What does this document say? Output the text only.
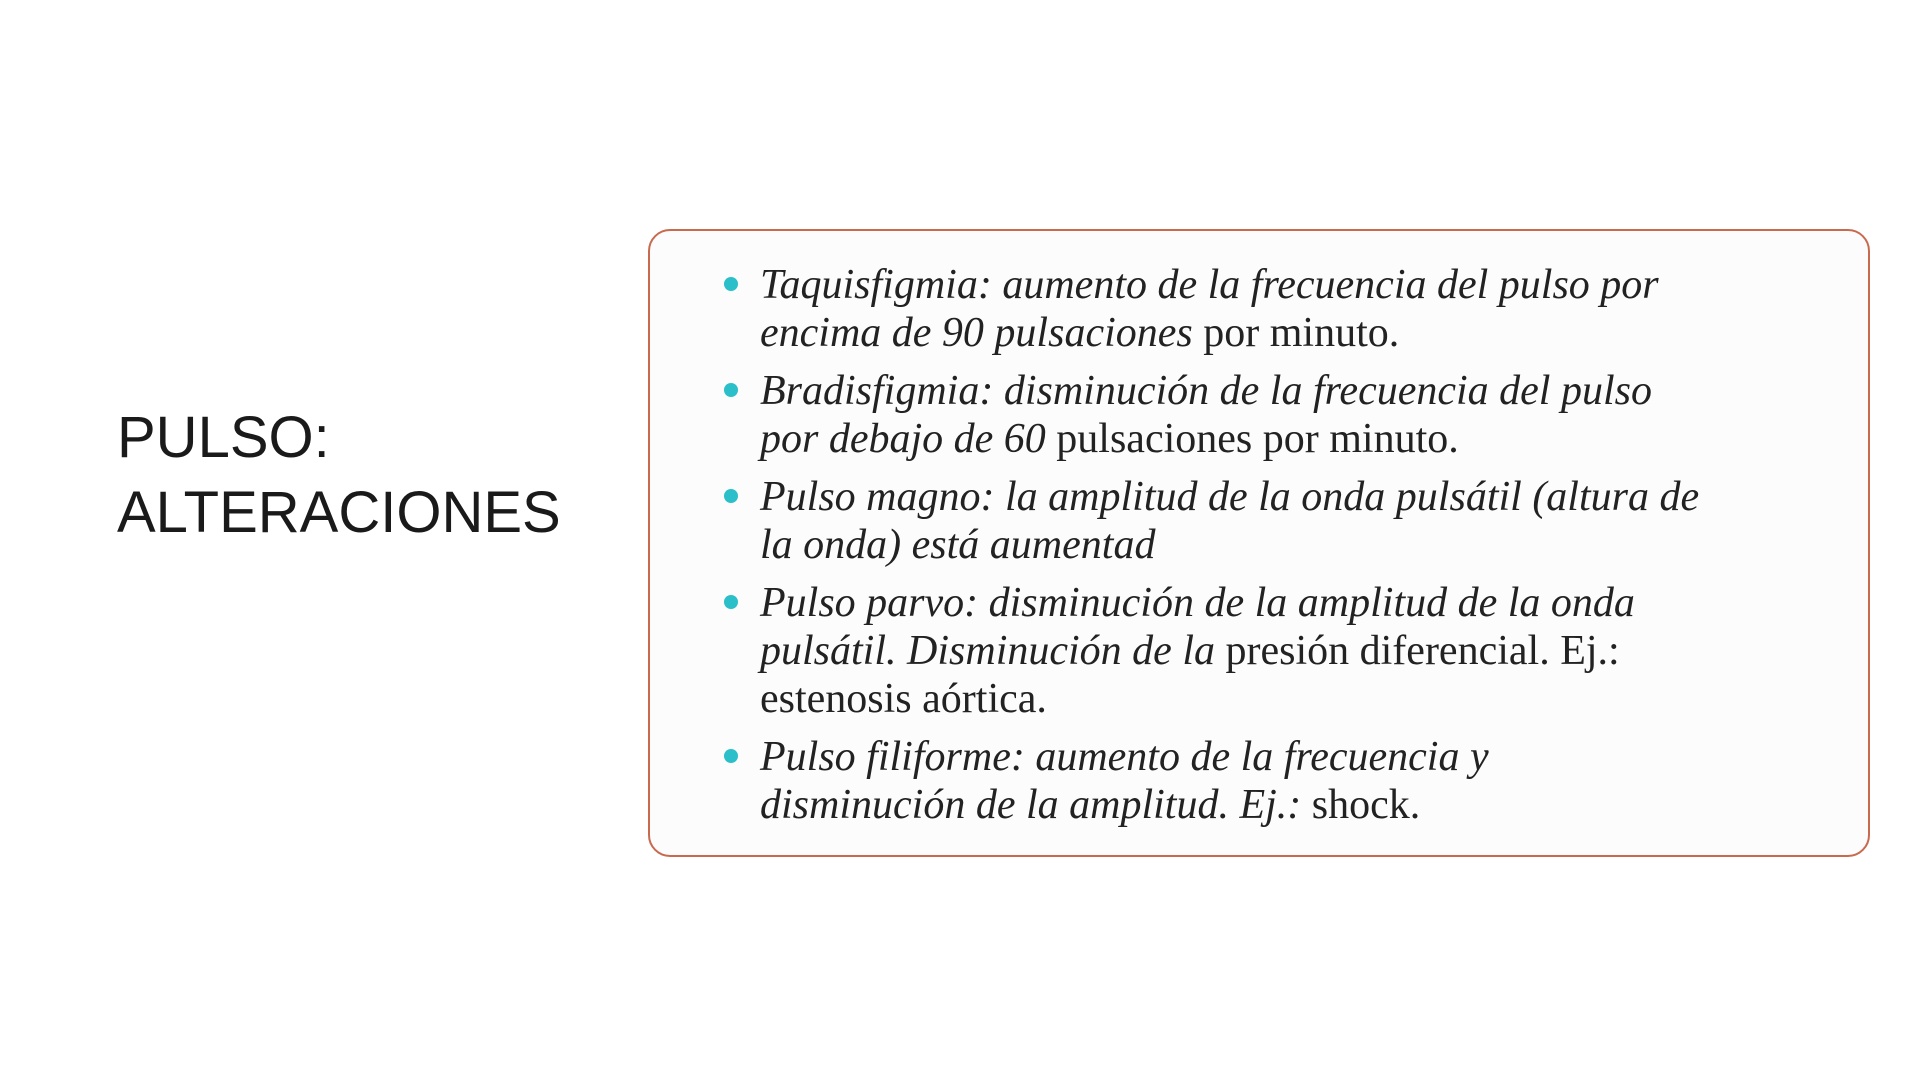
PULSO:
ALTERACIONES
Taquisfigmia: aumento de la frecuencia del pulso por
encima de 90 pulsaciones por minuto.
Bradisfigmia: disminución de la frecuencia del pulso
por debajo de 60 pulsaciones por minuto.
Pulso magno: la amplitud de la onda pulsátil (altura de
la onda) está aumentad
Pulso parvo: disminución de la amplitud de la onda
pulsátil. Disminución de la presión diferencial. Ej.:
estenosis aórtica.
Pulso filiforme: aumento de la frecuencia y
disminución de la amplitud. Ej.: shock.
